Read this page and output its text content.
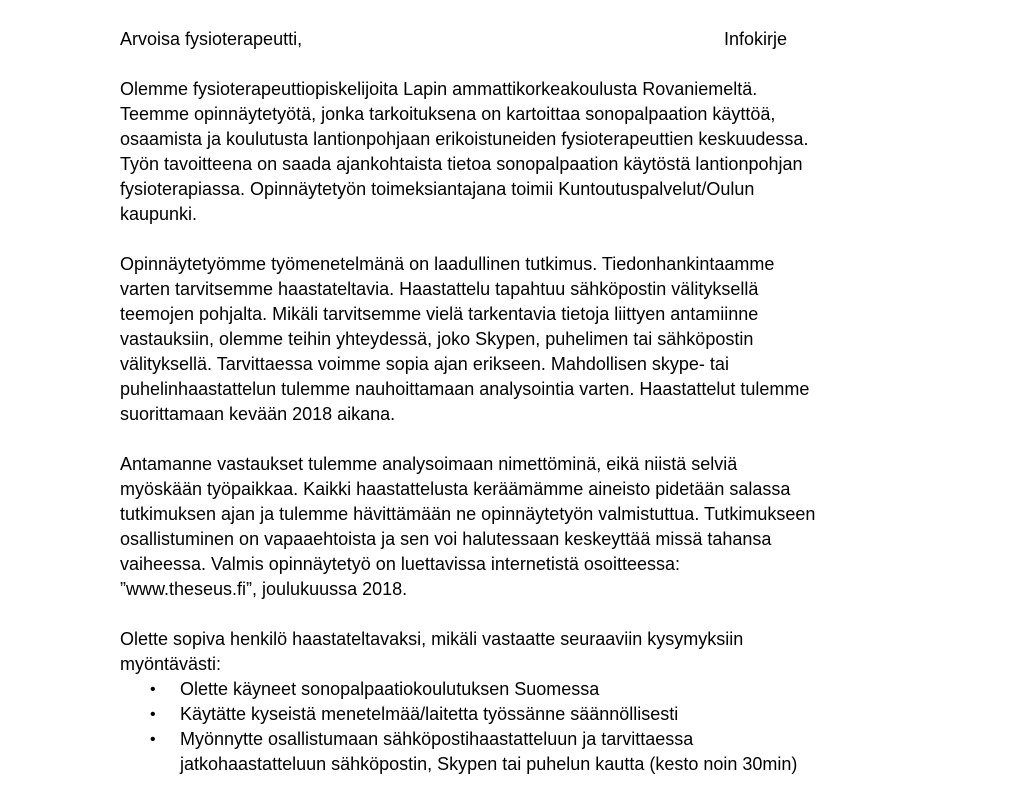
Arvoisa fysioterapeutti,	Infokirje
Olemme fysioterapeuttiopiskelijoita Lapin ammattikorkeakoulusta Rovaniemeltä.
Teemme opinnäytetyötä, jonka tarkoituksena on kartoittaa sonopalpaation käyttöä,
osaamista ja koulutusta lantionpohjaan erikoistuneiden fysioterapeuttien keskuudessa.
Työn tavoitteena on saada ajankohtaista tietoa sonopalpaation käytöstä lantionpohjan
fysioterapiassa. Opinnäytetyön toimeksiantajana toimii Kuntoutuspalvelut/Oulun
kaupunki.
Opinnäytetyömme työmenetelmänä on laadullinen tutkimus. Tiedonhankintaamme
varten tarvitsemme haastateltavia. Haastattelu tapahtuu sähköpostin välityksellä
teemojen pohjalta. Mikäli tarvitsemme vielä tarkentavia tietoja liittyen antamiinne
vastauksiin, olemme teihin yhteydessä, joko Skypen, puhelimen tai sähköpostin
välityksellä. Tarvittaessa voimme sopia ajan erikseen. Mahdollisen skype- tai
puhelinhaastattelun tulemme nauhoittamaan analysointia varten. Haastattelut tulemme
suorittamaan kevään 2018 aikana.
Antamanne vastaukset tulemme analysoimaan nimettöminä, eikä niistä selviä
myöskään työpaikkaa. Kaikki haastattelusta keräämämme aineisto pidetään salassa
tutkimuksen ajan ja tulemme hävittämään ne opinnäytetyön valmistuttua. Tutkimukseen
osallistuminen on vapaaehtoista ja sen voi halutessaan keskeyttää missä tahansa
vaiheessa. Valmis opinnäytetyö on luettavissa internetistä osoitteessa:
”www.theseus.fi”, joulukuussa 2018.
Olette sopiva henkilö haastateltavaksi, mikäli vastaatte seuraaviin kysymyksiin
myöntävästi:
•	Olette käyneet sonopalpaatiokoulutuksen Suomessa
•	Käytätte kyseistä menetelmää/laitetta työssänne säännöllisesti
•	Myönnytte osallistumaan sähköpostihaastatteluun ja tarvittaessa
jatkohaastatteluun sähköpostin, Skypen tai puhelun kautta (kesto noin 30min)
